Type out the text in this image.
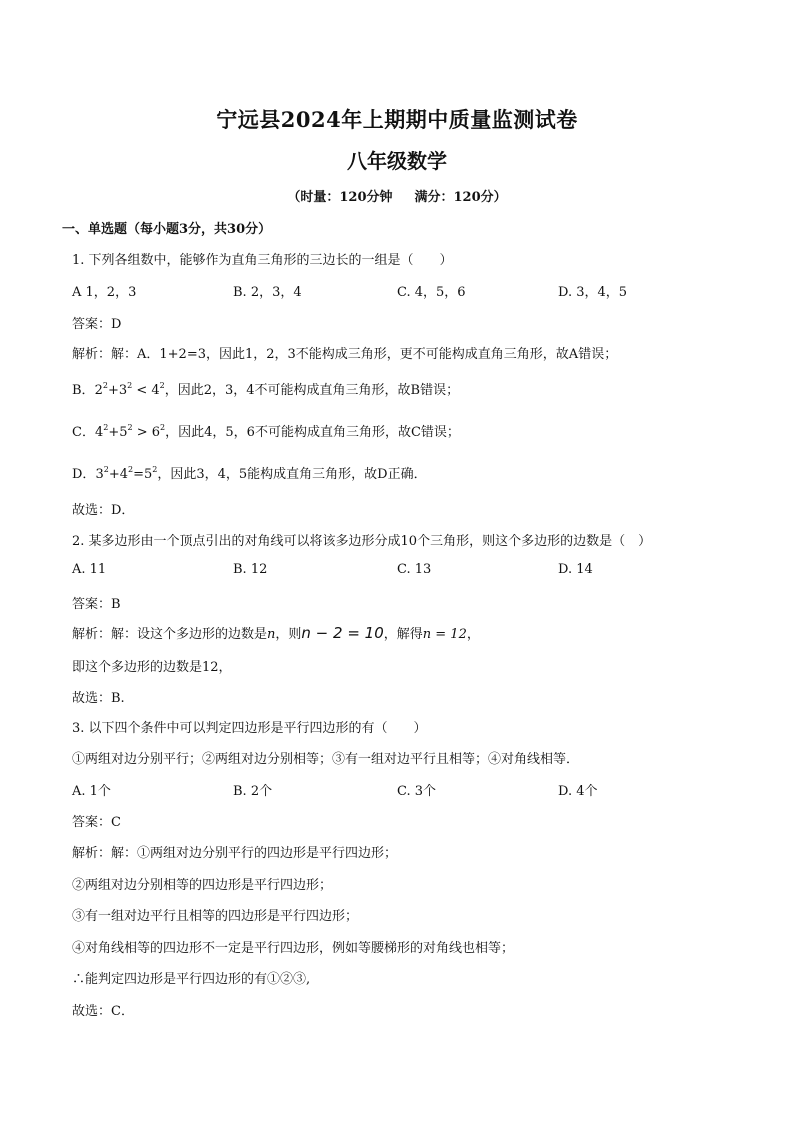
宁远县2024年上期期中质量监测试卷
八年级数学
（时量：120分钟 满分：120分）
一、单选题（每小题3分，共30分）
1. 下列各组数中，能够作为直角三角形的三边长的一组是（　　）
A 1，2，3	B. 2，3，4	C. 4，5，6	D. 3，4，5
答案：D
解析：解：A．1+2=3，因此1，2，3不能构成三角形，更不可能构成直角三角形，故A错误；
B．$2^2+3^2 < 4^2$，因此2，3，4不可能构成直角三角形，故B错误；
C．$4^2+5^2 > 6^2$，因此4，5，6不可能构成直角三角形，故C错误；
D．$3^2+4^2=5^2$，因此3，4，5能构成直角三角形，故D正确．
故选：D．
2. 某多边形由一个顶点引出的对角线可以将该多边形分成10个三角形，则这个多边形的边数是（　）
A. 11	B. 12	C. 13	D. 14
答案：B
解析：解：设这个多边形的边数是n，则n − 2 = 10，解得n = 12，
即这个多边形的边数是12，
故选：B.
3. 以下四个条件中可以判定四边形是平行四边形的有（　　）
①两组对边分别平行；②两组对边分别相等；③有一组对边平行且相等；④对角线相等．
A. 1个	B. 2个	C. 3个	D. 4个
答案：C
解析：解：①两组对边分别平行的四边形是平行四边形；
②两组对边分别相等的四边形是平行四边形；
③有一组对边平行且相等的四边形是平行四边形；
④对角线相等的四边形不一定是平行四边形，例如等腰梯形的对角线也相等；
∴能判定四边形是平行四边形的有①②③,
故选：C．
